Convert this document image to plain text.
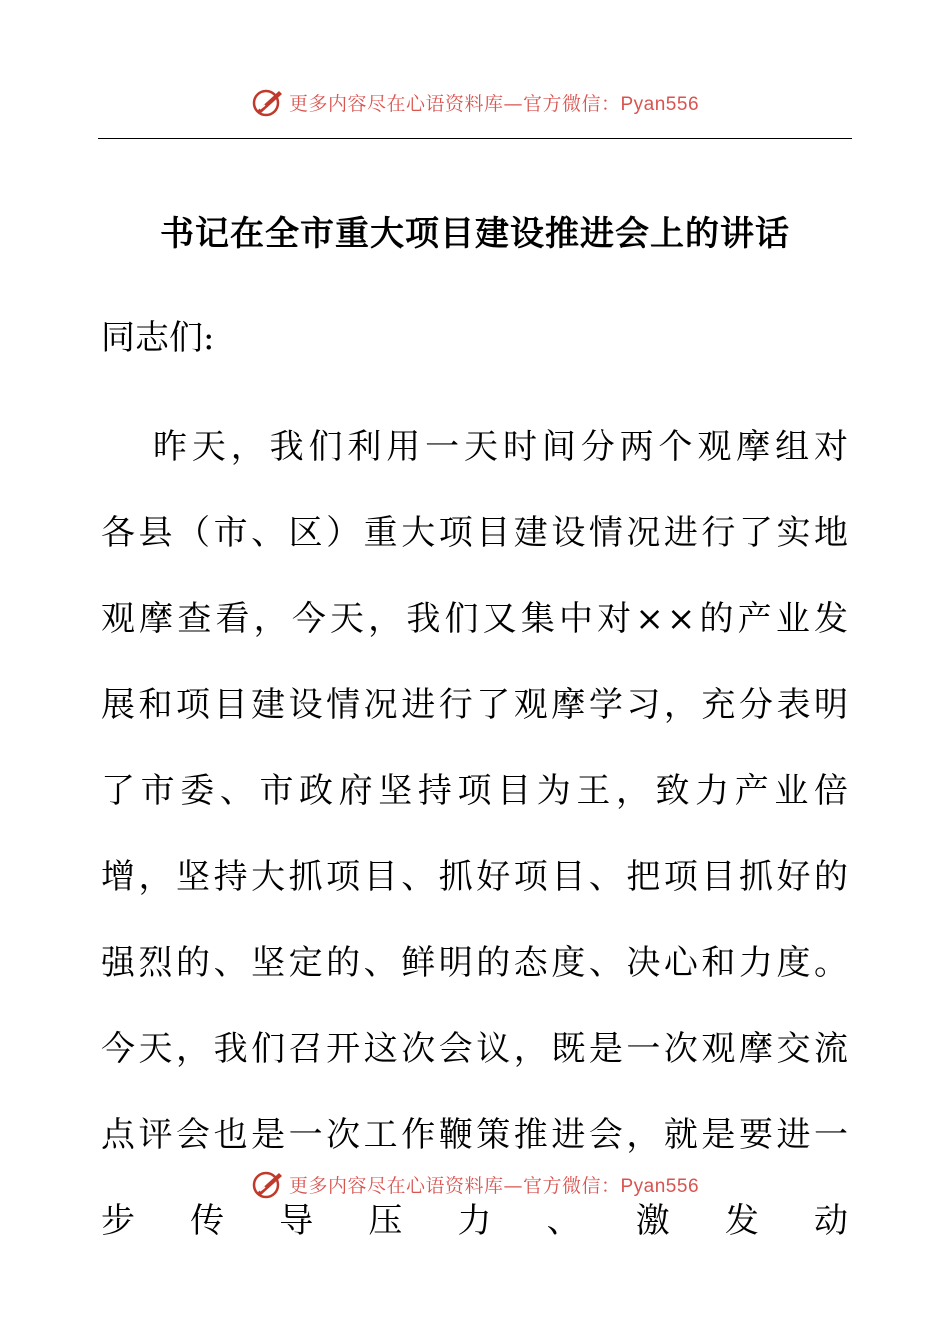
更多内容尽在心语资料库—官方微信：Pyan556
书记在全市重大项目建设推进会上的讲话

同志们:

昨天，我们利用一天时间分两个观摩组对各县（市、区）重大项目建设情况进行了实地观摩查看，今天，我们又集中对××的产业发展和项目建设情况进行了观摩学习，充分表明了市委、市政府坚持项目为王，致力产业倍增，坚持大抓项目、抓好项目、把项目抓好的强烈的、坚定的、鲜明的态度、决心和力度。今天，我们召开这次会议，既是一次观摩交流点评会也是一次工作鞭策推进会，就是要进一步传导压力、激发动

更多内容尽在心语资料库—官方微信：Pyan556
